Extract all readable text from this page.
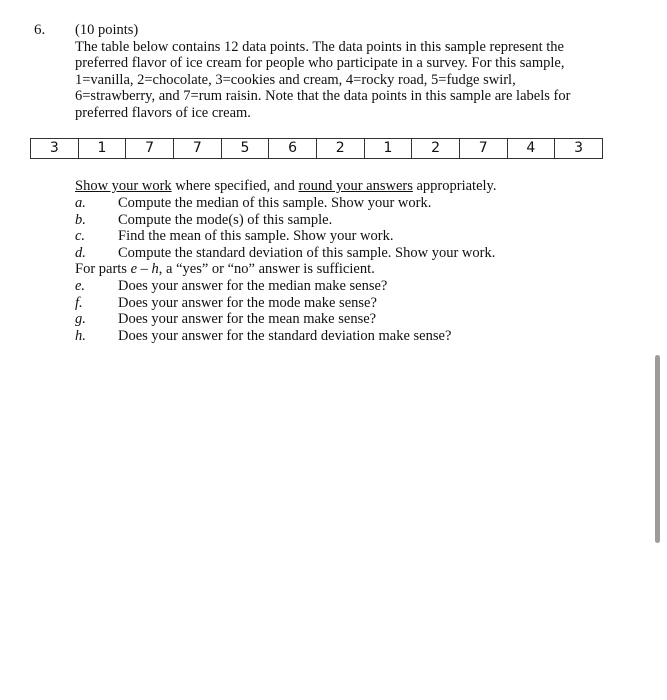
6. (10 points)
The table below contains 12 data points. The data points in this sample represent the
preferred flavor of ice cream for people who participate in a survey. For this sample,
1=vanilla, 2=chocolate, 3=cookies and cream, 4=rocky road, 5=fudge swirl,
6=strawberry, and 7=rum raisin. Note that the data points in this sample are labels for
preferred flavors of ice cream.
3	1	7	7	5	6	2	1	2	7	4	3
Show your work where specified, and round your answers appropriately.
a. Compute the median of this sample. Show your work.
b. Compute the mode(s) of this sample.
c. Find the mean of this sample. Show your work.
d. Compute the standard deviation of this sample. Show your work.
For parts e – h, a “yes” or “no” answer is sufficient.
e. Does your answer for the median make sense?
f. Does your answer for the mode make sense?
g. Does your answer for the mean make sense?
h. Does your answer for the standard deviation make sense?
